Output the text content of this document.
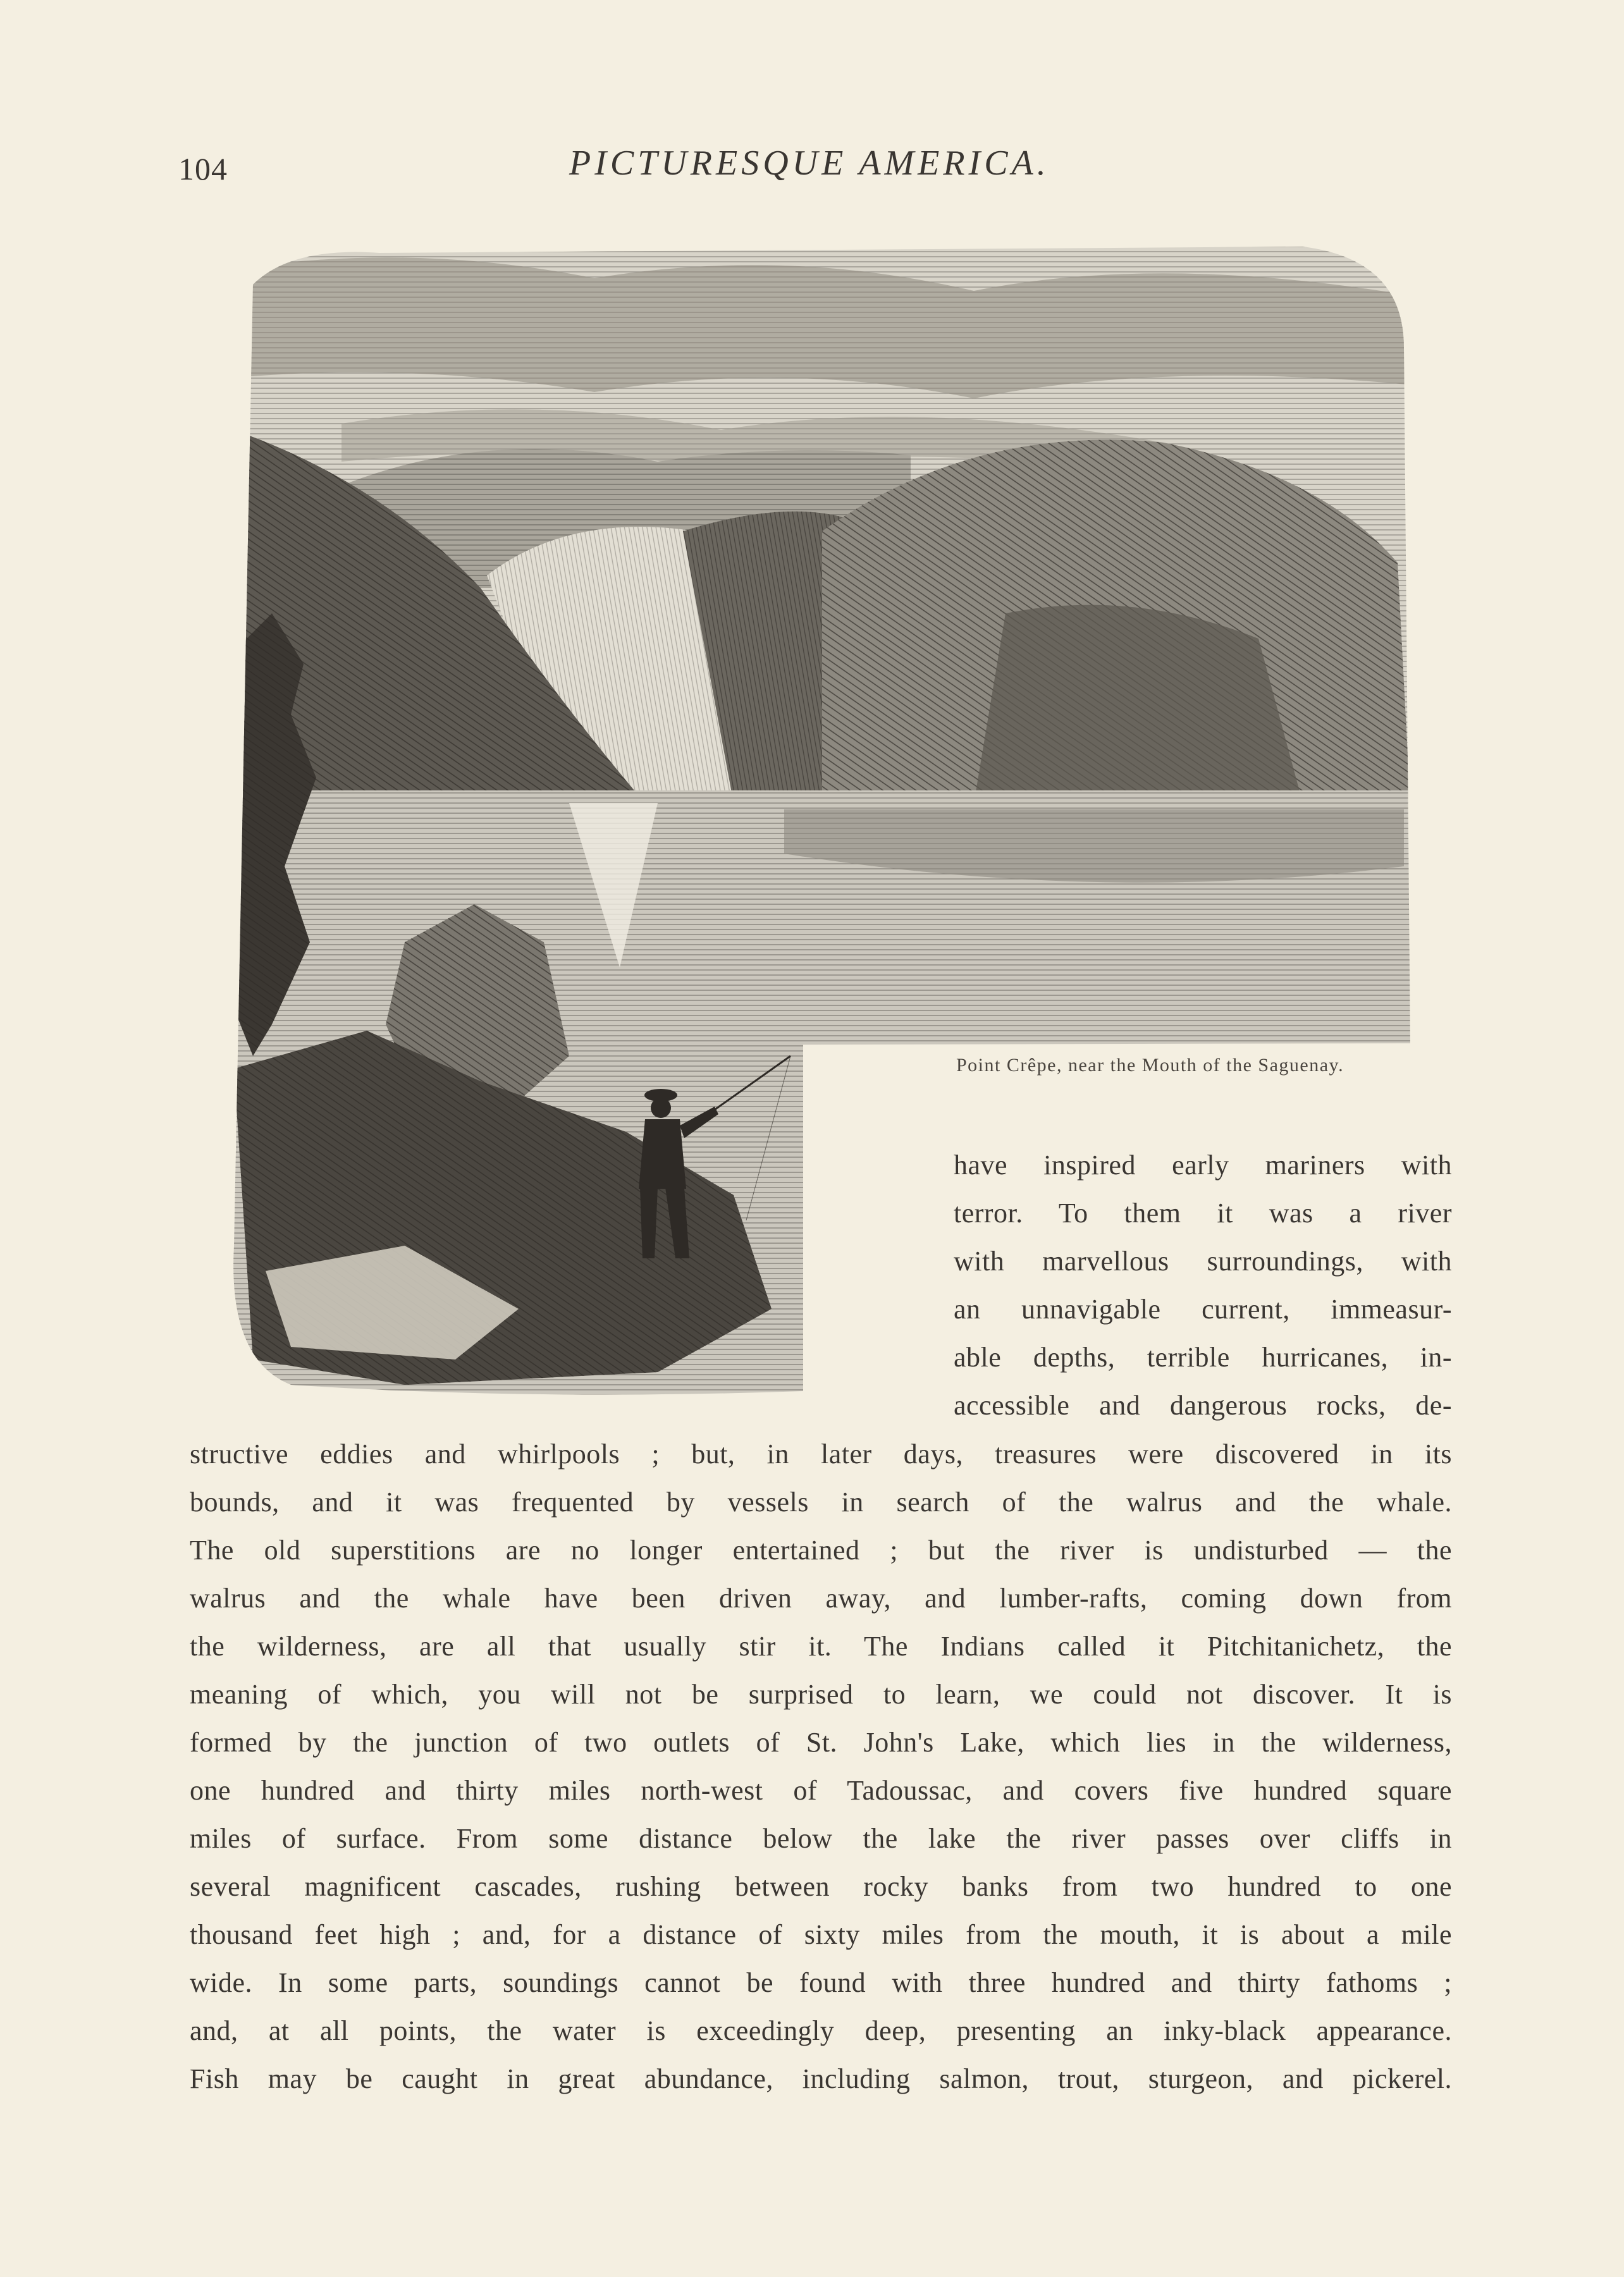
104	PICTURESQUE AMERICA.
Point Crêpe, near the Mouth of the Saguenay.
have inspired early mariners with
terror. To them it was a river
with marvellous surroundings, with
an unnavigable current, immeasur-
able depths, terrible hurricanes, in-
accessible and dangerous rocks, de-
structive eddies and whirlpools ; but, in later days, treasures were discovered in its
bounds, and it was frequented by vessels in search of the walrus and the whale.
The old superstitions are no longer entertained ; but the river is undisturbed — the
walrus and the whale have been driven away, and lumber-rafts, coming down from
the wilderness, are all that usually stir it. The Indians called it Pitchitanichetz, the
meaning of which, you will not be surprised to learn, we could not discover. It is
formed by the junction of two outlets of St. John's Lake, which lies in the wilderness,
one hundred and thirty miles north-west of Tadoussac, and covers five hundred square
miles of surface. From some distance below the lake the river passes over cliffs in
several magnificent cascades, rushing between rocky banks from two hundred to one
thousand feet high ; and, for a distance of sixty miles from the mouth, it is about a mile
wide. In some parts, soundings cannot be found with three hundred and thirty fathoms ;
and, at all points, the water is exceedingly deep, presenting an inky-black appearance.
Fish may be caught in great abundance, including salmon, trout, sturgeon, and pickerel.
